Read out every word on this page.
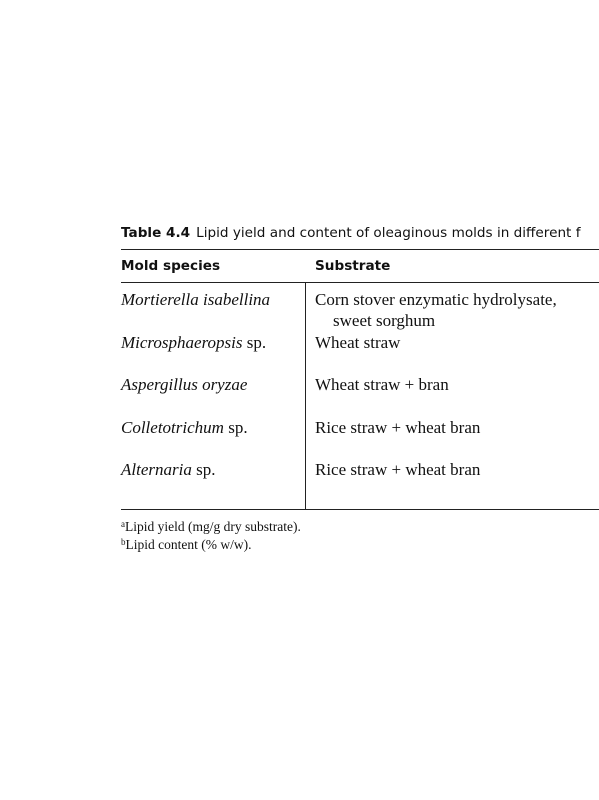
Table 4.4 Lipid yield and content of oleaginous molds in different f
Mold species	Substrate
Mortierella isabellina	Corn stover enzymatic hydrolysate,
sweet sorghum
Microsphaeropsis sp.	Wheat straw
Aspergillus oryzae	Wheat straw + bran
Colletotrichum sp.	Rice straw + wheat bran
Alternaria sp.	Rice straw + wheat bran
$^a$Lipid yield (mg/g dry substrate).
$^b$Lipid content (% w/w).
